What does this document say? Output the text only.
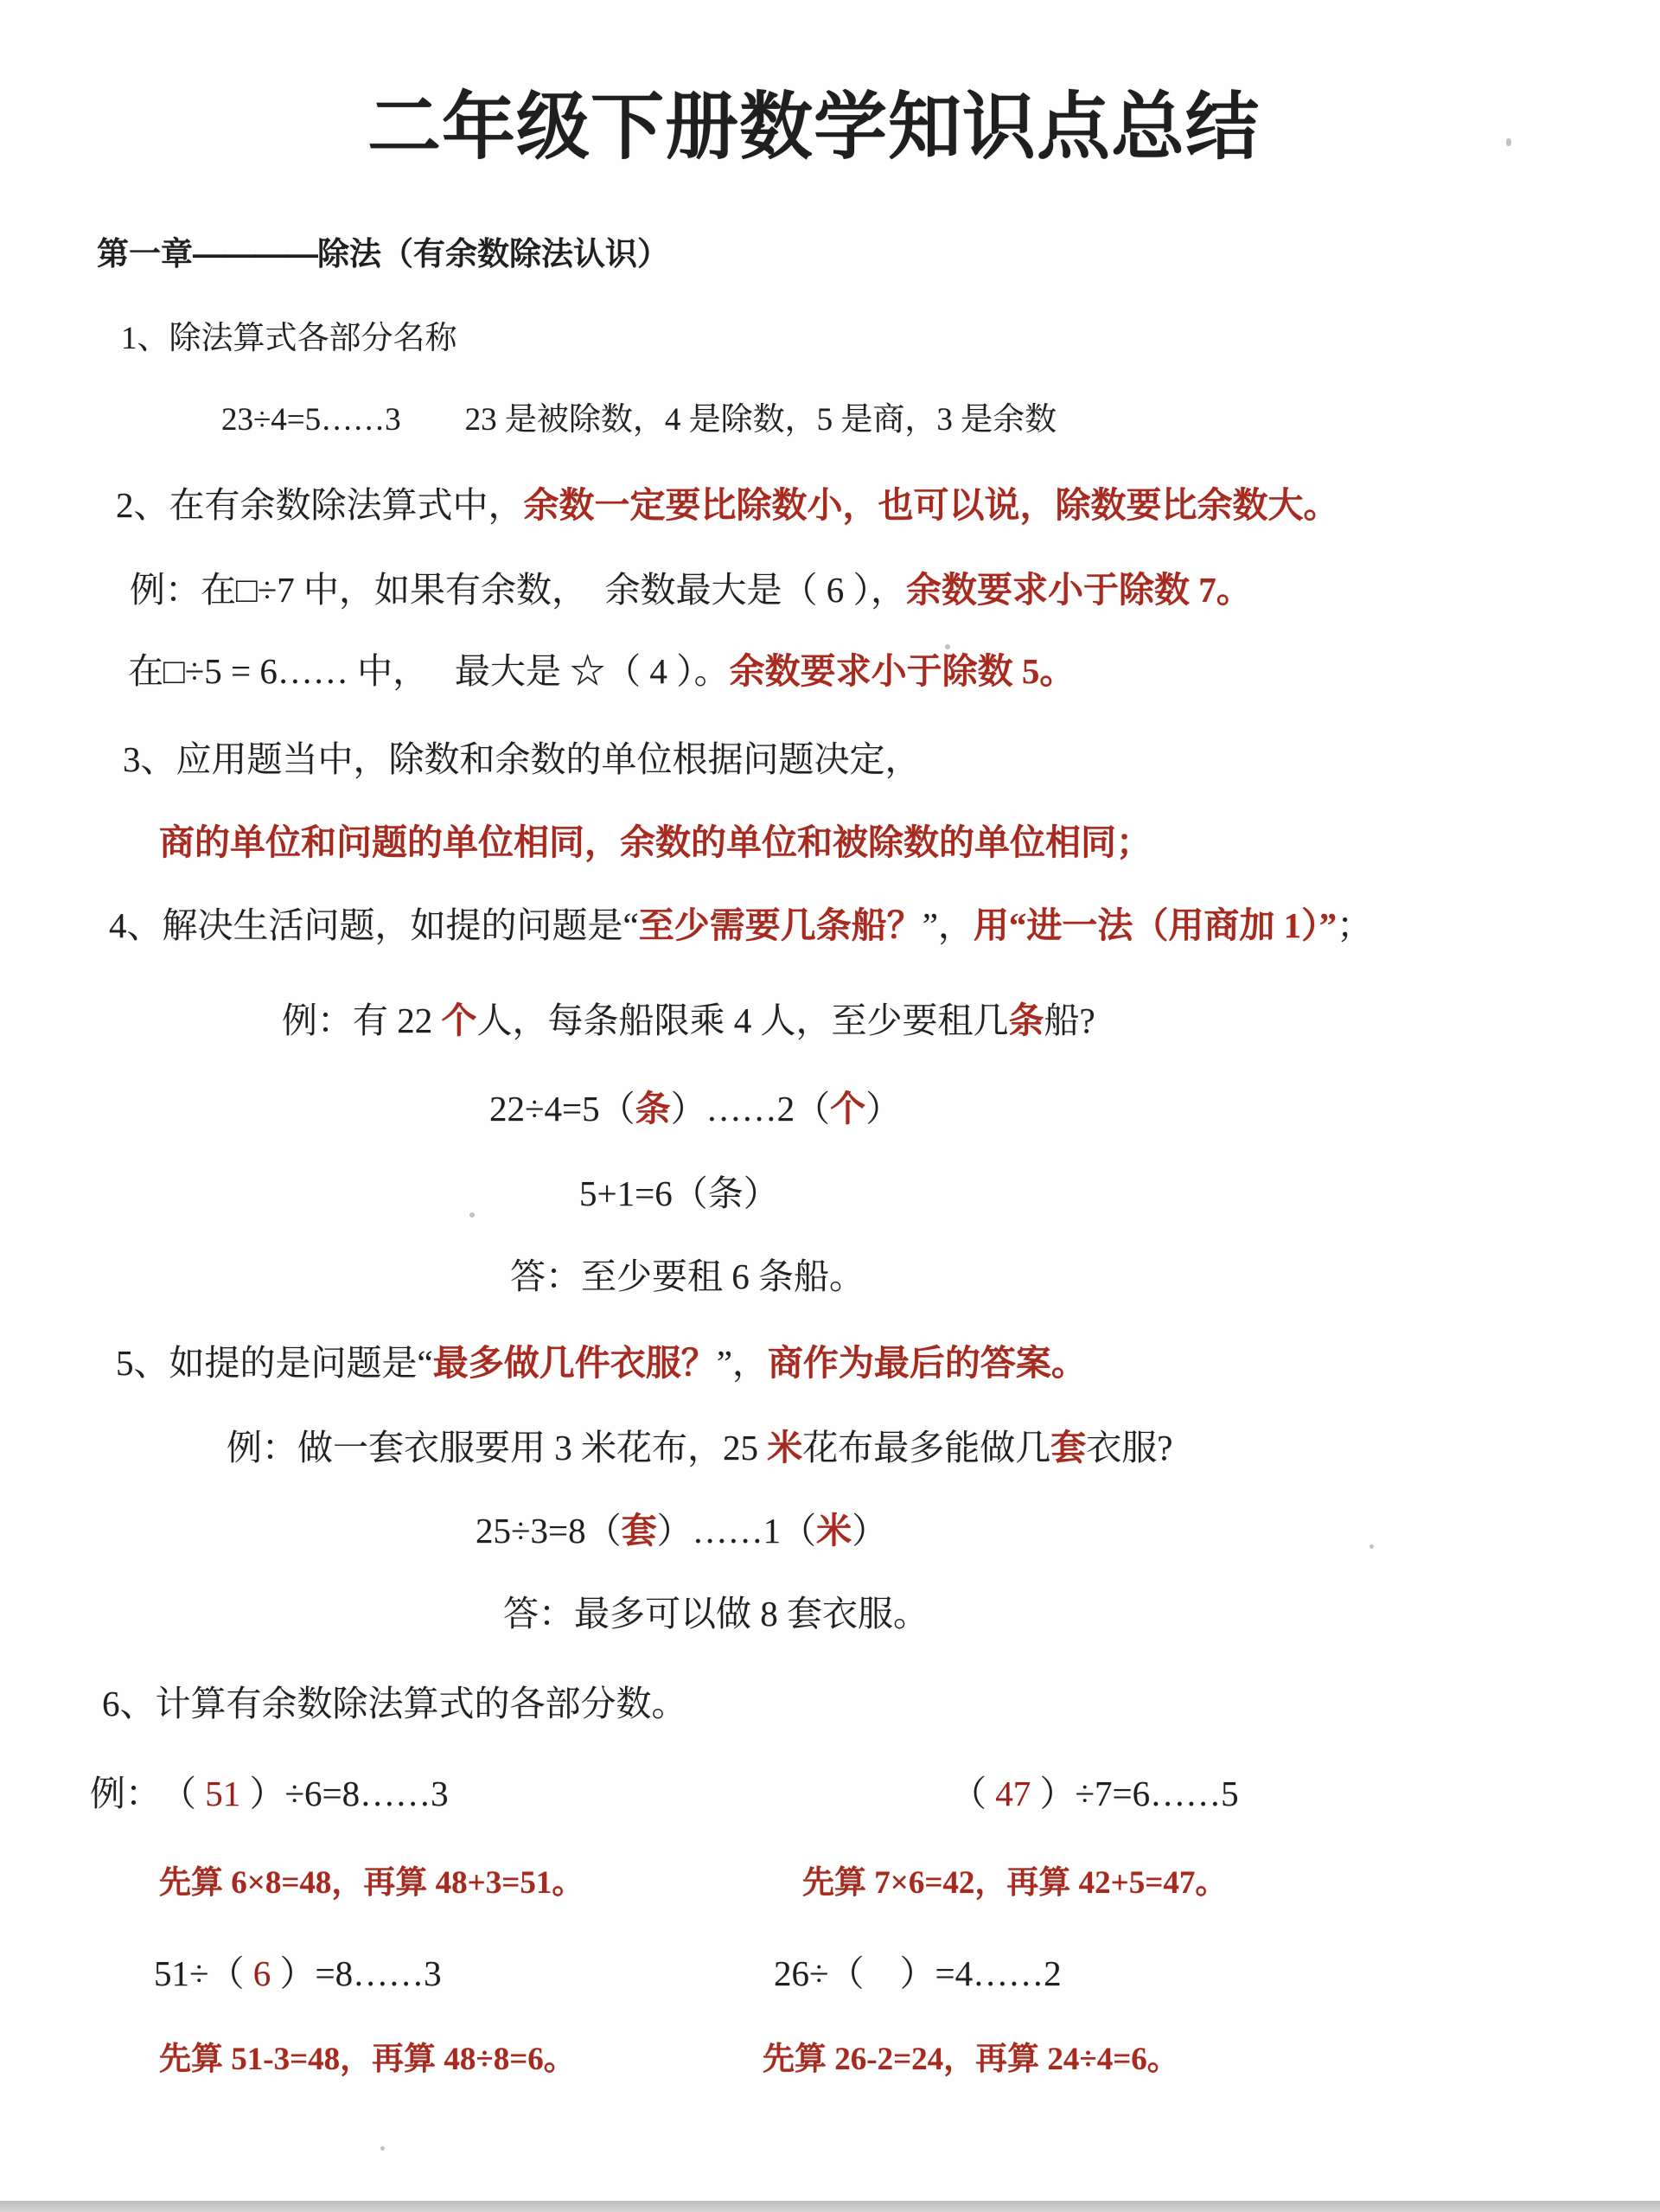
二年级下册数学知识点总结
第一章————除法（有余数除法认识）
1、除法算式各部分名称
23÷4=5……3　　23 是被除数，4 是除数，5 是商，3 是余数
2、在有余数除法算式中，余数一定要比除数小，也可以说，除数要比余数大。
例：在□÷7 中，如果有余数，　余数最大是（ 6 ），余数要求小于除数 7。
在□÷5 = 6…… 中，　 最大是 ☆（ 4 ）。余数要求小于除数 5。
3、应用题当中，除数和余数的单位根据问题决定，
商的单位和问题的单位相同，余数的单位和被除数的单位相同；
4、解决生活问题，如提的问题是“至少需要几条船？”，用“进一法（用商加 1）”；
例：有 22 个人，每条船限乘 4 人，至少要租几条船?
22÷4=5（条）……2（个）
5+1=6（条）
答：至少要租 6 条船。
5、如提的是问题是“最多做几件衣服？”，商作为最后的答案。
例：做一套衣服要用 3 米花布，25 米花布最多能做几套衣服?
25÷3=8（套）……1（米）
答：最多可以做 8 套衣服。
6、计算有余数除法算式的各部分数。
例：　（ 51 ）÷6=8……3	（ 47 ）÷7=6……5
先算 6×8=48，再算 48+3=51。	先算 7×6=42，再算 42+5=47。
51÷（ 6 ）=8……3	26÷（　）=4……2
先算 51-3=48，再算 48÷8=6。	先算 26-2=24，再算 24÷4=6。
